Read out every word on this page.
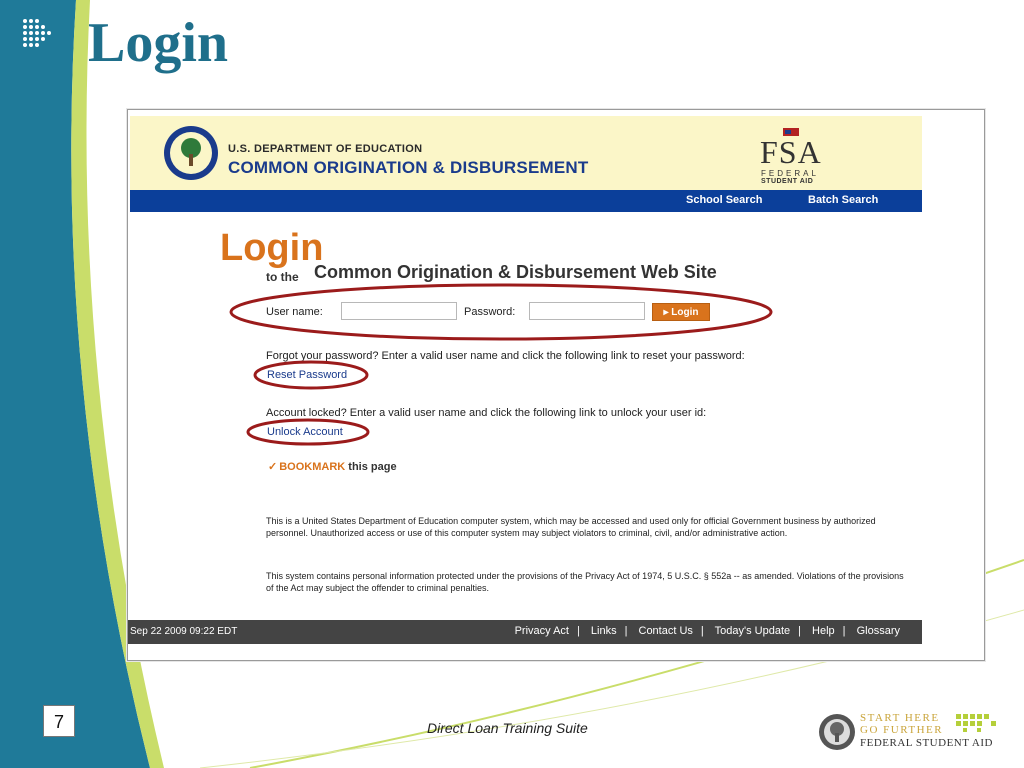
Login
U.S. DEPARTMENT OF EDUCATION
COMMON ORIGINATION & DISBURSEMENT	FSA
FEDERAL
STUDENT AID
School Search	Batch Search
Login
to the Common Origination & Disbursement Web Site
User name:	Password:	▸ Login
Forgot your password? Enter a valid user name and click the following link to reset your password:
Reset Password
Account locked? Enter a valid user name and click the following link to unlock your user id:
Unlock Account
✓ BOOKMARK this page
This is a United States Department of Education computer system, which may be accessed and used only for official Government business by authorized personnel. Unauthorized access or use of this computer system may subject violators to criminal, civil, and/or administrative action.
This system contains personal information protected under the provisions of the Privacy Act of 1974, 5 U.S.C. § 552a -- as amended. Violations of the provisions of the Act may subject the offender to criminal penalties.
Sep 22 2009 09:22 EDT	Privacy Act | Links | Contact Us | Today's Update | Help | Glossary
7	Direct Loan Training Suite
START HERE
GO FURTHER
FEDERAL STUDENT AID
